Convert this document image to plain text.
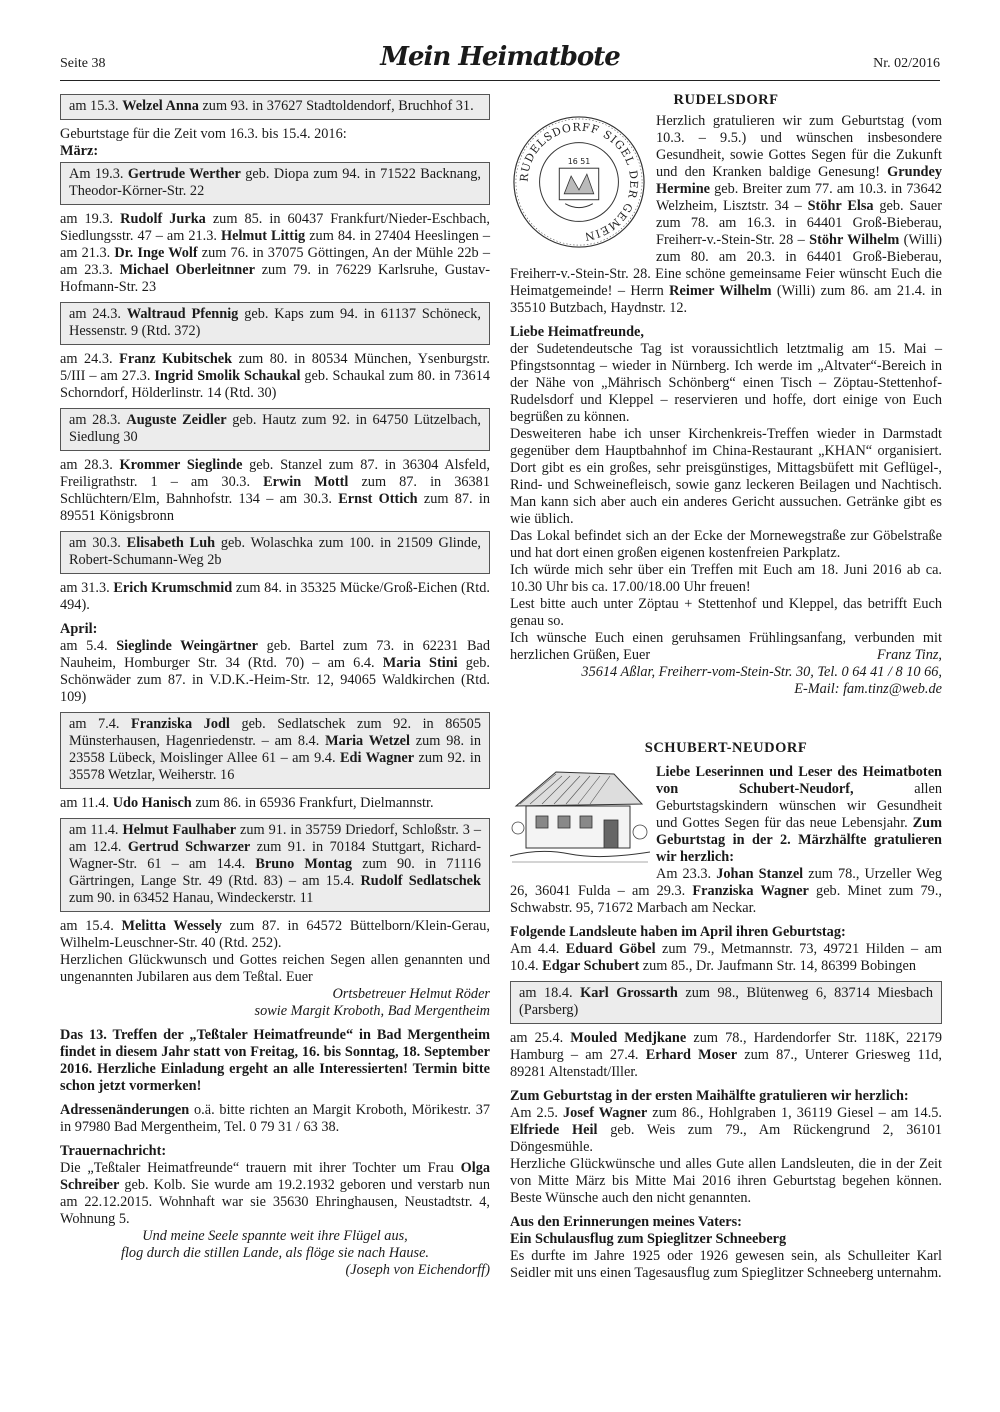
Seite 38	Mein Heimatbote	Nr. 02/2016
am 15.3. Welzel Anna zum 93. in 37627 Stadtoldendorf, Bruchhof 31.

Geburtstage für die Zeit vom 16.3. bis 15.4. 2016:

März:

Am 19.3. Gertrude Werther geb. Diopa zum 94. in 71522 Backnang, Theodor-Körner-Str. 22

am 19.3. Rudolf Jurka zum 85. in 60437 Frankfurt/Nieder-Eschbach, Siedlungsstr. 47 – am 21.3. Helmut Littig zum 84. in 27404 Heeslingen – am 21.3. Dr. Inge Wolf zum 76. in 37075 Göttingen, An der Mühle 22b – am 23.3. Michael Oberleitnner zum 79. in 76229 Karlsruhe, Gustav-Hofmann-Str. 23

am 24.3. Waltraud Pfennig geb. Kaps zum 94. in 61137 Schöneck, Hessenstr. 9 (Rtd. 372)

am 24.3. Franz Kubitschek zum 80. in 80534 München, Ysenburgstr. 5/III – am 27.3. Ingrid Smolik Schaukal geb. Schaukal zum 80. in 73614 Schorndorf, Hölderlinstr. 14 (Rtd. 30)

am 28.3. Auguste Zeidler geb. Hautz zum 92. in 64750 Lützelbach, Siedlung 30

am 28.3. Krommer Sieglinde geb. Stanzel zum 87. in 36304 Alsfeld, Freiligrathstr. 1 – am 30.3. Erwin Mottl zum 87. in 36381 Schlüchtern/Elm, Bahnhofstr. 134 – am 30.3. Ernst Ottich zum 87. in 89551 Königsbronn

am 30.3. Elisabeth Luh geb. Wolaschka zum 100. in 21509 Glinde, Robert-Schumann-Weg 2b

am 31.3. Erich Krumschmid zum 84. in 35325 Mücke/Groß-Eichen (Rtd. 494).

April:

am 5.4. Sieglinde Weingärtner geb. Bartel zum 73. in 62231 Bad Nauheim, Homburger Str. 34 (Rtd. 70) – am 6.4. Maria Stini geb. Schönwäder zum 87. in V.D.K.-Heim-Str. 12, 94065 Waldkirchen (Rtd. 109)

am 7.4. Franziska Jodl geb. Sedlatschek zum 92. in 86505 Münsterhausen, Hagenriedenstr. – am 8.4. Maria Wetzel zum 98. in 23558 Lübeck, Moislinger Allee 61 – am 9.4. Edi Wagner zum 92. in 35578 Wetzlar, Weiherstr. 16

am 11.4. Udo Hanisch zum 86. in 65936 Frankfurt, Dielmannstr.

am 11.4. Helmut Faulhaber zum 91. in 35759 Driedorf, Schloßstr. 3 – am 12.4. Gertrud Schwarzer zum 91. in 70184 Stuttgart, Richard-Wagner-Str. 61 – am 14.4. Bruno Montag zum 90. in 71116 Gärtringen, Lange Str. 49 (Rtd. 83) – am 15.4. Rudolf Sedlatschek zum 90. in 63452 Hanau, Windeckerstr. 11

am 15.4. Melitta Wessely zum 87. in 64572 Büttelborn/Klein-Gerau, Wilhelm-Leuschner-Str. 40 (Rtd. 252).

Herzlichen Glückwunsch und Gottes reichen Segen allen genannten und ungenannten Jubilaren aus dem Teßtal. Euer

Ortsbetreuer Helmut Röder

sowie Margit Kroboth, Bad Mergentheim

Das 13. Treffen der „Teßtaler Heimatfreunde“ in Bad Mergentheim findet in diesem Jahr statt von Freitag, 16. bis Sonntag, 18. September 2016. Herzliche Einladung ergeht an alle Interessierten! Termin bitte schon jetzt vormerken!

Adressenänderungen o.ä. bitte richten an Margit Kroboth, Mörikestr. 37 in 97980 Bad Mergentheim, Tel. 0 79 31 / 63 38.

Trauernachricht:

Die „Teßtaler Heimatfreunde“ trauern mit ihrer Tochter um Frau Olga Schreiber geb. Kolb. Sie wurde am 19.2.1932 geboren und verstarb nun am 22.12.2015. Wohnhaft war sie 35630 Ehringhausen, Neustadtstr. 4, Wohnung 5.

Und meine Seele spannte weit ihre Flügel aus,

flog durch die stillen Lande, als flöge sie nach Hause.

(Joseph von Eichendorff)

RUDELSDORF

RUDELSDORFF SIGEL DER GEMEIN
16 51

Herzlich gratulieren wir zum Geburtstag (vom 10.3. – 9.5.) und wünschen insbesondere Gesundheit, sowie Gottes Segen für die Zukunft und den Kranken baldige Genesung! Grundey Hermine geb. Breiter zum 77. am 10.3. in 73642 Welzheim, Lisztstr. 34 – Stöhr Elsa geb. Sauer zum 78. am 16.3. in 64401 Groß-Bieberau, Freiherr-v.-Stein-Str. 28 – Stöhr Wilhelm (Willi) zum 80. am 20.3. in 64401 Groß-Bieberau, Freiherr-v.-Stein-Str. 28. Eine schöne gemeinsame Feier wünscht Euch die Heimatgemeinde! – Herrn Reimer Wilhelm (Willi) zum 86. am 21.4. in 35510 Butzbach, Haydnstr. 12.

Liebe Heimatfreunde,

der Sudetendeutsche Tag ist voraussichtlich letztmalig am 15. Mai – Pfingstsonntag – wieder in Nürnberg. Ich werde im „Altvater“-Bereich in der Nähe von „Mährisch Schönberg“ einen Tisch – Zöptau-Stettenhof-Rudelsdorf und Kleppel – reservieren und hoffe, dort einige von Euch begrüßen zu können.

Desweiteren habe ich unser Kirchenkreis-Treffen wieder in Darmstadt gegenüber dem Hauptbahnhof im China-Restaurant „KHAN“ organisiert. Dort gibt es ein großes, sehr preisgünstiges, Mittagsbüfett mit Geflügel-, Rind- und Schweinefleisch, sowie ganz leckeren Beilagen und Nachtisch. Man kann sich aber auch ein anderes Gericht aussuchen. Getränke gibt es wie üblich.

Das Lokal befindet sich an der Ecke der Mornewegstraße zur Göbelstraße und hat dort einen großen eigenen kostenfreien Parkplatz.

Ich würde mich sehr über ein Treffen mit Euch am 18. Juni 2016 ab ca. 10.30 Uhr bis ca. 17.00/18.00 Uhr freuen!

Lest bitte auch unter Zöptau + Stettenhof und Kleppel, das betrifft Euch genau so.

Ich wünsche Euch einen geruhsamen Frühlingsanfang, verbunden mit herzlichen Grüßen, Euer	Franz Tinz,

35614 Aßlar, Freiherr-vom-Stein-Str. 30, Tel. 0 64 41 / 8 10 66,

E-Mail: fam.tinz@web.de

SCHUBERT-NEUDORF

Liebe Leserinnen und Leser des Heimatboten von Schubert-Neudorf, allen Geburtstagskindern wünschen wir Gesundheit und Gottes Segen für das neue Lebensjahr. Zum Geburtstag in der 2. Märzhälfte gratulieren wir herzlich:

Am 23.3. Johan Stanzel zum 78., Urzeller Weg 26, 36041 Fulda – am 29.3. Franziska Wagner geb. Minet zum 79., Schwabstr. 95, 71672 Marbach am Neckar.

Folgende Landsleute haben im April ihren Geburtstag:

Am 4.4. Eduard Göbel zum 79., Metmannstr. 73, 49721 Hilden – am 10.4. Edgar Schubert zum 85., Dr. Jaufmann Str. 14, 86399 Bobingen

am 18.4. Karl Grossarth zum 98., Blütenweg 6, 83714 Miesbach (Parsberg)

am 25.4. Mouled Medjkane zum 78., Hardendorfer Str. 118K, 22179 Hamburg – am 27.4. Erhard Moser zum 87., Unterer Griesweg 11d, 89281 Altenstadt/Iller.

Zum Geburtstag in der ersten Maihälfte gratulieren wir herzlich:

Am 2.5. Josef Wagner zum 86., Hohlgraben 1, 36119 Giesel – am 14.5. Elfriede Heil geb. Weis zum 79., Am Rückengrund 2, 36101 Döngesmühle.

Herzliche Glückwünsche und alles Gute allen Landsleuten, die in der Zeit von Mitte März bis Mitte Mai 2016 ihren Geburtstag begehen können. Beste Wünsche auch den nicht genannten.

Aus den Erinnerungen meines Vaters:

Ein Schulausflug zum Spieglitzer Schneeberg

Es durfte im Jahre 1925 oder 1926 gewesen sein, als Schulleiter Karl Seidler mit uns einen Tagesausflug zum Spieglitzer Schneeberg unternahm.
